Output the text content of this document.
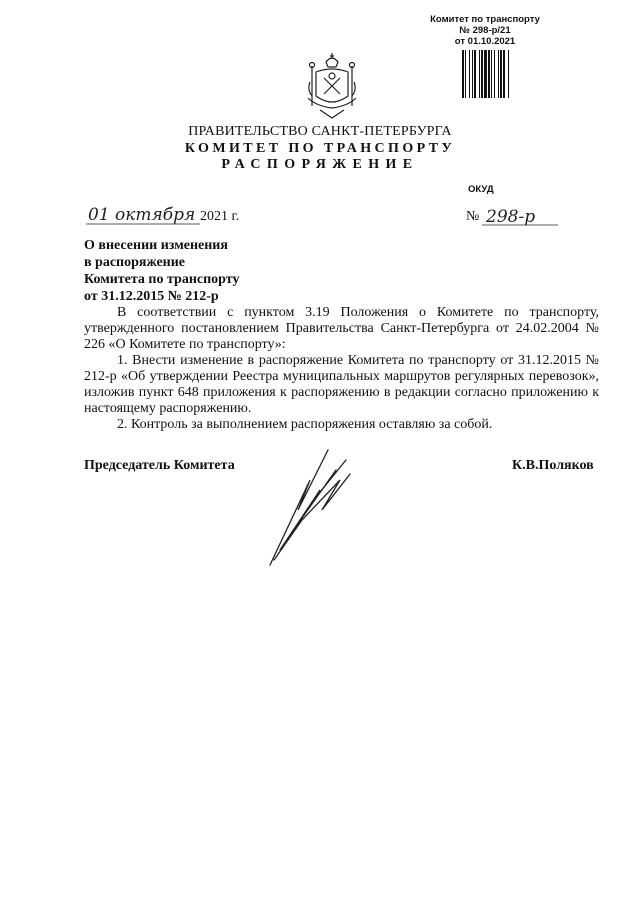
Комитет по транспорту
№ 298-р/21
от 01.10.2021
ПРАВИТЕЛЬСТВО САНКТ-ПЕТЕРБУРГА
КОМИТЕТ ПО ТРАНСПОРТУ
РАСПОРЯЖЕНИЕ
ОКУД
01 октября 2021 г.	№ 298-р
О внесении изменения
в распоряжение
Комитета по транспорту
от 31.12.2015 № 212-р

В соответствии с пунктом 3.19 Положения о Комитете по транспорту, утвержденного постановлением Правительства Санкт-Петербурга от 24.02.2004 № 226 «О Комитете по транспорту»:

1. Внести изменение в распоряжение Комитета по транспорту от 31.12.2015 № 212-р «Об утверждении Реестра муниципальных маршрутов регулярных перевозок», изложив пункт 648 приложения к распоряжению в редакции согласно приложению к настоящему распоряжению.

2. Контроль за выполнением распоряжения оставляю за собой.

Председатель Комитета	К.В.Поляков
